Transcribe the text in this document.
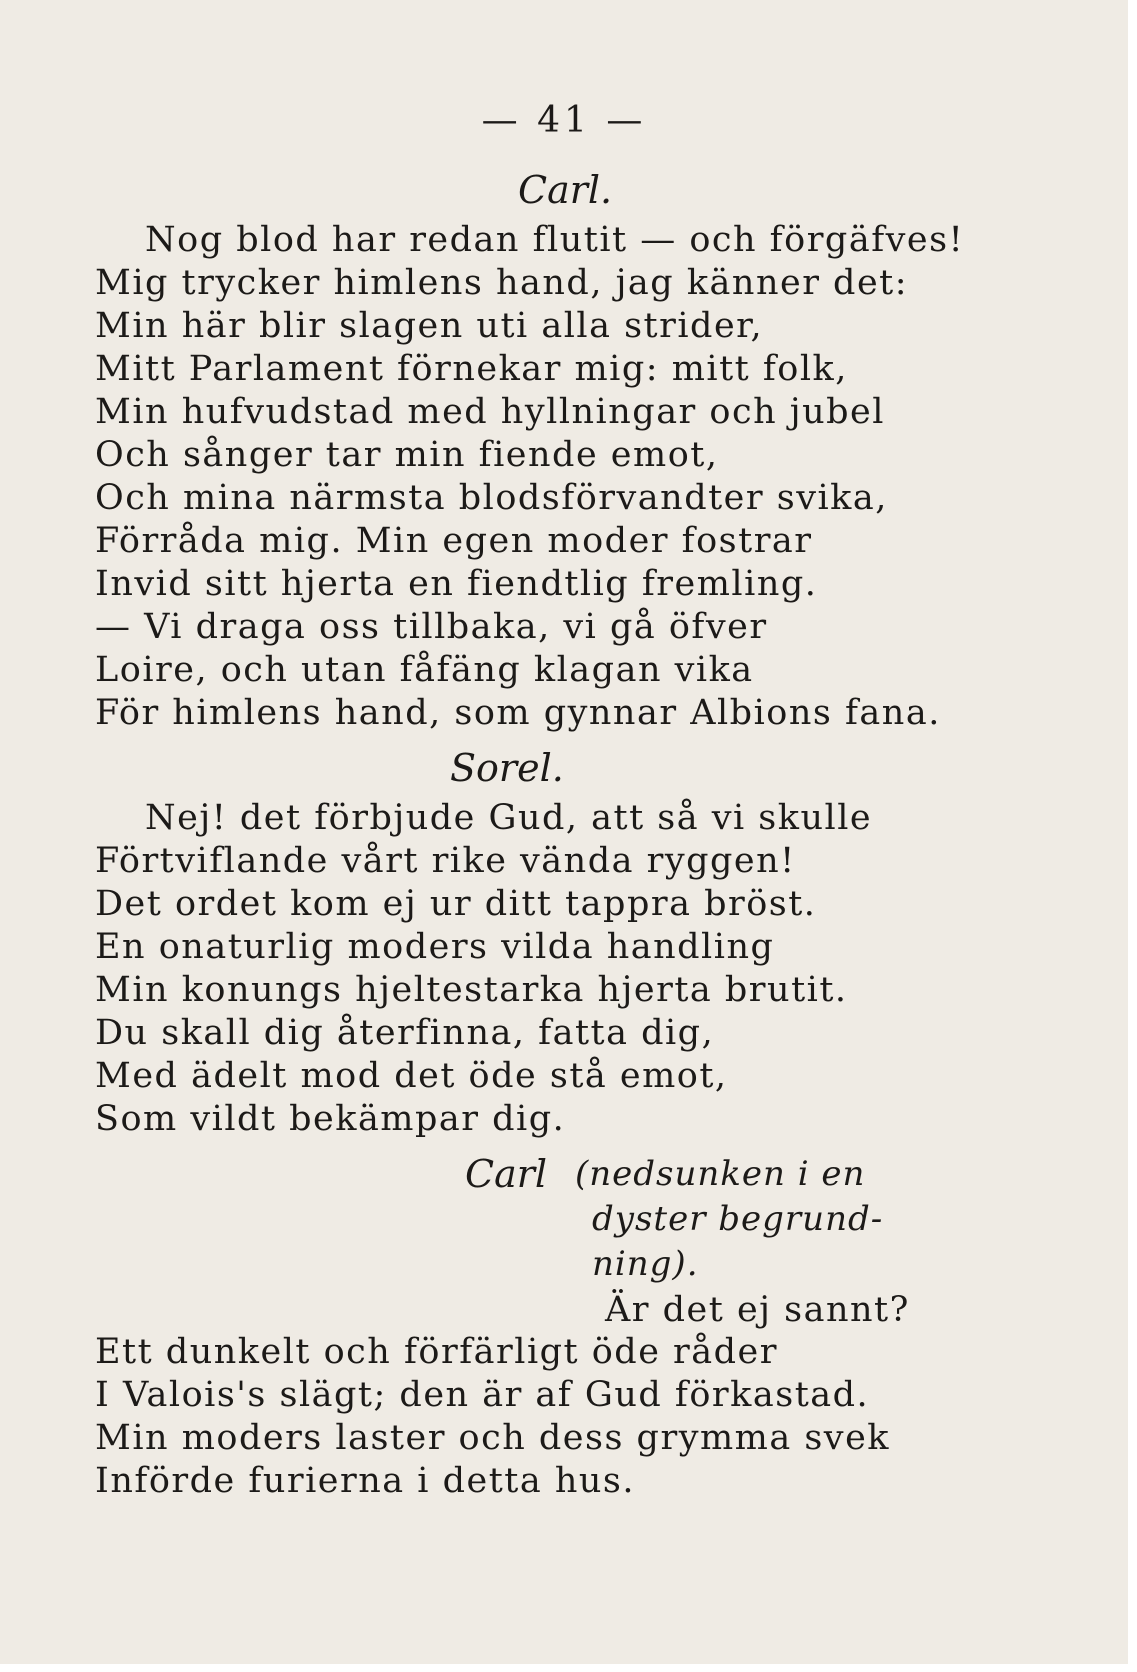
— 41 —
Carl.
Nog blod har redan flutit — och förgäfves!
Mig trycker himlens hand, jag känner det:
Min här blir slagen uti alla strider,
Mitt Parlament förnekar mig: mitt folk,
Min hufvudstad med hyllningar och jubel
Och sånger tar min fiende emot,
Och mina närmsta blodsförvandter svika,
Förråda mig. Min egen moder fostrar
Invid sitt hjerta en fiendtlig fremling.
— Vi draga oss tillbaka, vi gå öfver
Loire, och utan fåfäng klagan vika
För himlens hand, som gynnar Albions fana.
Sorel.
Nej! det förbjude Gud, att så vi skulle
Förtviflande vårt rike vända ryggen!
Det ordet kom ej ur ditt tappra bröst.
En onaturlig moders vilda handling
Min konungs hjeltestarka hjerta brutit.
Du skall dig återfinna, fatta dig,
Med ädelt mod det öde stå emot,
Som vildt bekämpar dig.
Carl (nedsunken i en
dyster begrund-
ning).
Är det ej sannt?
Ett dunkelt och förfärligt öde råder
I Valois's slägt; den är af Gud förkastad.
Min moders laster och dess grymma svek
Införde furierna i detta hus.
